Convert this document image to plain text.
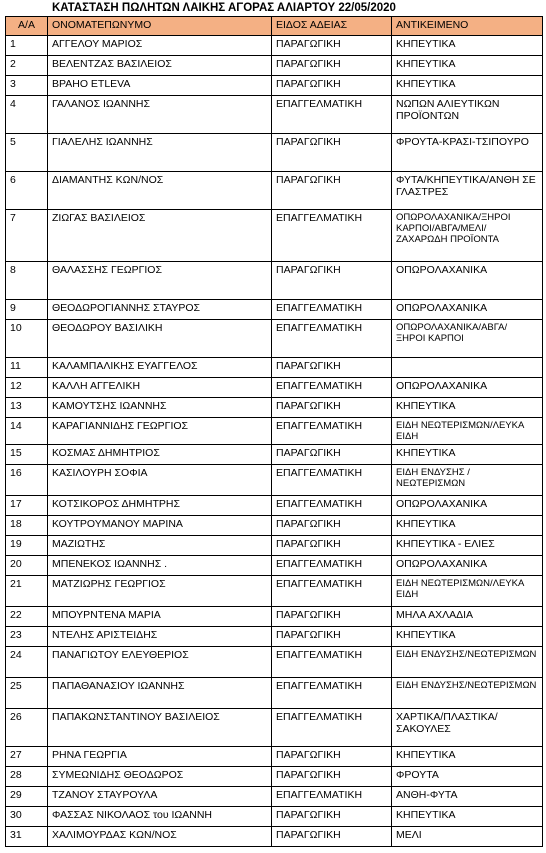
ΚΑΤΑΣΤΑΣΗ ΠΩΛΗΤΩΝ ΛΑΙΚΗΣ ΑΓΟΡΑΣ ΑΛΙΑΡΤΟΥ 22/05/2020
Α/Α	ΟΝΟΜΑΤΕΠΩΝΥΜΟ	ΕΙΔΟΣ ΑΔΕΙΑΣ	ΑΝΤΙΚΕΙΜΕΝΟ
1	ΑΓΓΕΛΟΥ ΜΑΡΙΟΣ	ΠΑΡΑΓΩΓΙΚΗ	ΚΗΠΕΥΤΙΚΑ
2	ΒΕΛΕΝΤΖΑΣ ΒΑΣΙΛΕΙΟΣ	ΠΑΡΑΓΩΓΙΚΗ	ΚΗΠΕΥΤΙΚΑ
3	ΒΡΑΗΟ ETLEVA	ΠΑΡΑΓΩΓΙΚΗ	ΚΗΠΕΥΤΙΚΑ
4	ΓΑΛΑΝΟΣ ΙΩΑΝΝΗΣ	ΕΠΑΓΓΕΛΜΑΤΙΚΗ	ΝΩΠΩΝ ΑΛΙΕΥΤΙΚΩΝ ΠΡΟΪΟΝΤΩΝ
5	ΓΙΑΛΕΛΗΣ ΙΩΑΝΝΗΣ	ΠΑΡΑΓΩΓΙΚΗ	ΦΡΟΥΤΑ-ΚΡΑΣΙ-ΤΣΙΠΟΥΡΟ
6	ΔΙΑΜΑΝΤΗΣ ΚΩΝ/ΝΟΣ	ΠΑΡΑΓΩΓΙΚΗ	ΦΥΤΑ/ΚΗΠΕΥΤΙΚΑ/ΑΝΘΗ ΣΕ ΓΛΑΣΤΡΕΣ
7	ΖΙΩΓΑΣ ΒΑΣΙΛΕΙΟΣ	ΕΠΑΓΓΕΛΜΑΤΙΚΗ	ΟΠΩΡΟΛΑΧΑΝΙΚΑ/ΞΗΡΟΙ ΚΑΡΠΟΙ/ΑΒΓΑ/ΜΕΛΙ/ ΖΑΧΑΡΩΔΗ ΠΡΟΪΟΝΤΑ
8	ΘΑΛΑΣΣΗΣ ΓΕΩΡΓΙΟΣ	ΠΑΡΑΓΩΓΙΚΗ	ΟΠΩΡΟΛΑΧΑΝΙΚΑ
9	ΘΕΟΔΩΡΟΓΙΑΝΝΗΣ ΣΤΑΥΡΟΣ	ΕΠΑΓΓΕΛΜΑΤΙΚΗ	ΟΠΩΡΟΛΑΧΑΝΙΚΑ
10	ΘΕΟΔΩΡΟΥ ΒΑΣΙΛΙΚΗ	ΕΠΑΓΓΕΛΜΑΤΙΚΗ	ΟΠΩΡΟΛΑΧΑΝΙΚΑ/ΑΒΓΑ/ ΞΗΡΟΙ ΚΑΡΠΟΙ
11	ΚΑΛΑΜΠΑΛΙΚΗΣ ΕΥΑΓΓΕΛΟΣ	ΠΑΡΑΓΩΓΙΚΗ	
12	ΚΑΛΛΗ ΑΓΓΕΛΙΚΗ	ΕΠΑΓΓΕΛΜΑΤΙΚΗ	ΟΠΩΡΟΛΑΧΑΝΙΚΑ
13	ΚΑΜΟΥΤΣΗΣ ΙΩΑΝΝΗΣ	ΠΑΡΑΓΩΓΙΚΗ	ΚΗΠΕΥΤΙΚΑ
14	ΚΑΡΑΓΙΑΝΝΙΔΗΣ ΓΕΩΡΓΙΟΣ	ΕΠΑΓΓΕΛΜΑΤΙΚΗ	ΕΙΔΗ ΝΕΩΤΕΡΙΣΜΩΝ/ΛΕΥΚΑ ΕΙΔΗ
15	ΚΟΣΜΑΣ ΔΗΜΗΤΡΙΟΣ	ΠΑΡΑΓΩΓΙΚΗ	ΚΗΠΕΥΤΙΚΑ
16	ΚΑΣΙΛΟΥΡΗ ΣΟΦΙΑ	ΕΠΑΓΓΕΛΜΑΤΙΚΗ	ΕΙΔΗ ΕΝΔΥΣΗΣ /ΝΕΩΤΕΡΙΣΜΩΝ
17	ΚΟΤΣΙΚΟΡΟΣ ΔΗΜΗΤΡΗΣ	ΕΠΑΓΓΕΛΜΑΤΙΚΗ	ΟΠΩΡΟΛΑΧΑΝΙΚΑ
18	ΚΟΥΤΡΟΥΜΑΝΟΥ ΜΑΡΙΝΑ	ΠΑΡΑΓΩΓΙΚΗ	ΚΗΠΕΥΤΙΚΑ
19	ΜΑΖΙΩΤΗΣ	ΠΑΡΑΓΩΓΙΚΗ	ΚΗΠΕΥΤΙΚΑ - ΕΛΙΕΣ
20	ΜΠΕΝΕΚΟΣ ΙΩΑΝΝΗΣ .	ΕΠΑΓΓΕΛΜΑΤΙΚΗ	ΟΠΩΡΟΛΑΧΑΝΙΚΑ
21	ΜΑΤΖΙΩΡΗΣ ΓΕΩΡΓΙΟΣ	ΕΠΑΓΓΕΛΜΑΤΙΚΗ	ΕΙΔΗ ΝΕΩΤΕΡΙΣΜΩΝ/ΛΕΥΚΑ ΕΙΔΗ
22	ΜΠΟΥΡΝΤΕΝΑ ΜΑΡΙΑ	ΠΑΡΑΓΩΓΙΚΗ	ΜΗΛΑ ΑΧΛΑΔΙΑ
23	ΝΤΕΛΗΣ ΑΡΙΣΤΕΙΔΗΣ	ΠΑΡΑΓΩΓΙΚΗ	ΚΗΠΕΥΤΙΚΑ
24	ΠΑΝΑΓΙΩΤΟΥ ΕΛΕΥΘΕΡΙΟΣ	ΕΠΑΓΓΕΛΜΑΤΙΚΗ	ΕΙΔΗ ΕΝΔΥΣΗΣ/ΝΕΩΤΕΡΙΣΜΩΝ
25	ΠΑΠΑΘΑΝΑΣΙΟΥ ΙΩΑΝΝΗΣ	ΕΠΑΓΓΕΛΜΑΤΙΚΗ	ΕΙΔΗ ΕΝΔΥΣΗΣ/ΝΕΩΤΕΡΙΣΜΩΝ
26	ΠΑΠΑΚΩΝΣΤΑΝΤΙΝΟΥ ΒΑΣΙΛΕΙΟΣ	ΕΠΑΓΓΕΛΜΑΤΙΚΗ	ΧΑΡΤΙΚΑ/ΠΛΑΣΤΙΚΑ/ ΣΑΚΟΥΛΕΣ
27	ΡΗΝΑ ΓΕΩΡΓΙΑ	ΠΑΡΑΓΩΓΙΚΗ	ΚΗΠΕΥΤΙΚΑ
28	ΣΥΜΕΩΝΙΔΗΣ ΘΕΟΔΩΡΟΣ	ΠΑΡΑΓΩΓΙΚΗ	ΦΡΟΥΤΑ
29	ΤΖΑΝΟΥ ΣΤΑΥΡΟΥΛΑ	ΕΠΑΓΓΕΛΜΑΤΙΚΗ	ΑΝΘΗ-ΦΥΤΑ
30	ΦΑΣΣΑΣ ΝΙΚΟΛΑΟΣ του ΙΩΑΝΝΗ	ΠΑΡΑΓΩΓΙΚΗ	ΚΗΠΕΥΤΙΚΑ
31	ΧΑΛΙΜΟΥΡΔΑΣ ΚΩΝ/ΝΟΣ	ΠΑΡΑΓΩΓΙΚΗ	ΜΕΛΙ
